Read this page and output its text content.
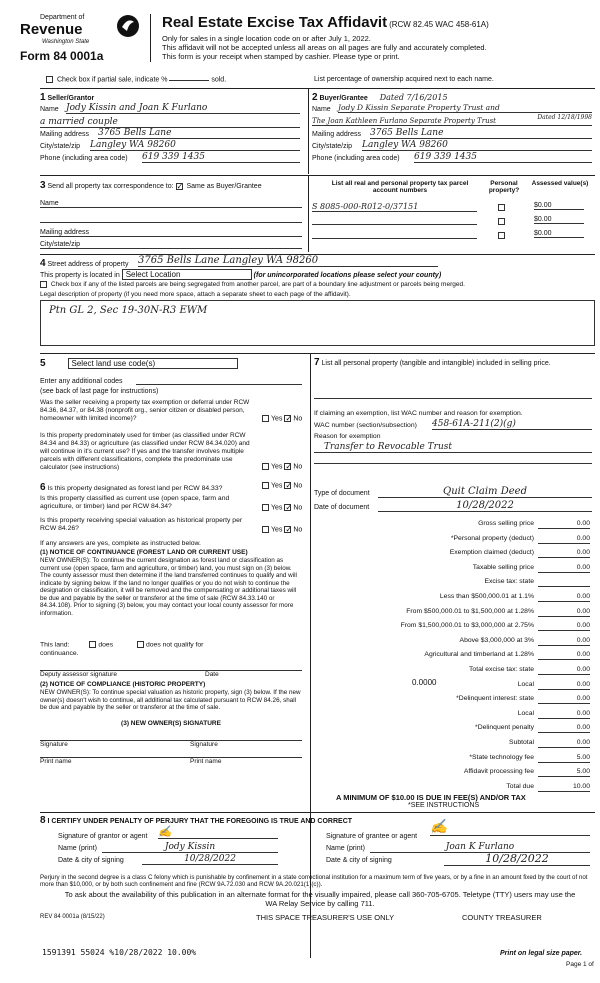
Department of
Revenue
Washington State
Form 84 0001a
Real Estate Excise Tax Affidavit (RCW 82.45 WAC 458-61A)
Only for sales in a single location code on or after July 1, 2022.
This affidavit will not be accepted unless all areas on all pages are fully and accurately completed.
This form is your receipt when stamped by cashier. Please type or print.
Check box if partial sale, indicate %	sold.	List percentage of ownership acquired next to each name.
1 Seller/Grantor
Name Jody Kissin and Joan K Furlano
a married couple
Mailing address 3765 Bells Lane
City/state/zip Langley WA 98260
Phone (including area code) 619 339 1435
2 Buyer/Grantee Dated 7/16/2015
Name Jody D Kissin Separate Property Trust and
The Joan Kathleen Furlano Separate Property Trust	Dated 12/18/1998
Mailing address 3765 Bells Lane
City/state/zip Langley WA 98260
Phone (including area code) 619 339 1435
3 Send all property tax correspondence to: ✓ Same as Buyer/Grantee
Name

Mailing address
City/state/zip
List all real and personal property tax parcel account numbers
Personal property?
Assessed value(s)
S 8085-000-R012-0/37151	$0.00
$0.00
$0.00
4 Street address of property 3765 Bells Lane Langley WA 98260
This property is located in Select Location	(for unincorporated locations please select your county)
Check box if any of the listed parcels are being segregated from another parcel, are part of a boundary line adjustment or parcels being merged.
Legal description of property (if you need more space, attach a separate sheet to each page of the affidavit).
Ptn GL 2, Sec 19-30N-R3 EWM
5	Select land use code(s)
Enter any additional codes
(see back of last page for instructions)
Was the seller receiving a property tax exemption or deferral under RCW 84.36, 84.37, or 84.38 (nonprofit org., senior citizen or disabled person, homeowner with limited income)?	Yes ✓ No
Is this property predominately used for timber (as classified under RCW 84.34 and 84.33) or agriculture (as classified under RCW 84.34.020) and will continue in it's current use? If yes and the transfer involves multiple parcels with different classifications, complete the predominate use calculator (see instructions)	Yes ✓ No
7 List all personal property (tangible and intangible) included in selling price.
If claiming an exemption, list WAC number and reason for exemption.
WAC number (section/subsection) 458-61A-211(2)(g)
Reason for exemption
Transfer to Revocable Trust
6 Is this property designated as forest land per RCW 84.33?	Yes ✓ No
Is this property classified as current use (open space, farm and agriculture, or timber) land per RCW 84.34?	Yes ✓ No
Is this property receiving special valuation as historical property per RCW 84.26?	Yes ✓ No
If any answers are yes, complete as instructed below.
(1) NOTICE OF CONTINUANCE (FOREST LAND OR CURRENT USE)
NEW OWNER(S): To continue the current designation as forest land or classification as current use (open space, farm and agriculture, or timber) land, you must sign on (3) below. The county assessor must then determine if the land transferred continues to qualify and will indicate by signing below. If the land no longer qualifies or you do not wish to continue the designation or classification, it will be removed and the compensating or additional taxes will be due and payable by the seller or transferor at the time of sale (RCW 84.33.140 or 84.34.108). Prior to signing (3) below, you may contact your local county assessor for more information.
This land:	does	does not qualify for
continuance.
Deputy assessor signature	Date
(2) NOTICE OF COMPLIANCE (HISTORIC PROPERTY)
NEW OWNER(S): To continue special valuation as historic property, sign (3) below. If the new owner(s) doesn't wish to continue, all additional tax calculated pursuant to RCW 84.26, shall be due and payable by the seller or transferor at the time of sale.
(3) NEW OWNER(S) SIGNATURE
Signature	Signature
Print name	Print name
Type of document	Quit Claim Deed
Date of document	10/28/2022
Gross selling price	0.00
*Personal property (deduct)	0.00
Exemption claimed (deduct)	0.00
Taxable selling price	0.00
Excise tax: state
Less than $500,000.01 at 1.1%	0.00
From $500,000.01 to $1,500,000 at 1.28%	0.00
From $1,500,000.01 to $3,000,000 at 2.75%	0.00
Above $3,000,000 at 3%	0.00
Agricultural and timberland at 1.28%	0.00
Total excise tax: state	0.00
Local	0.00
*Delinquent interest: state	0.00
Local	0.00
*Delinquent penalty	0.00
Subtotal	0.00
*State technology fee	5.00
Affidavit processing fee	5.00
Total due	10.00
0.0000
A MINIMUM OF $10.00 IS DUE IN FEE(S) AND/OR TAX
*SEE INSTRUCTIONS
8 I CERTIFY UNDER PENALTY OF PERJURY THAT THE FOREGOING IS TRUE AND CORRECT
Signature of grantor or agent ✍
Name (print)	Jody Kissin
Date & city of signing	10/28/2022
Signature of grantee or agent
✍
Name (print)	Joan K Furlano
Date & city of signing	10/28/2022
Perjury in the second degree is a class C felony which is punishable by confinement in a state correctional institution for a maximum term of five years, or by a fine in an amount fixed by the court of not more than $10,000, or by both such confinement and fine (RCW 9A.72.030 and RCW 9A.20.021(1)(c)).
To ask about the availability of this publication in an alternate format for the visually impaired, please call 360-705-6705. Teletype (TTY) users may use the WA Relay Service by calling 711.
REV 84 0001a (8/15/22)	THIS SPACE TREASURER'S USE ONLY	COUNTY TREASURER
1591391 55024 %10/28/2022 10.00%	Print on legal size paper.
Page 1 of
